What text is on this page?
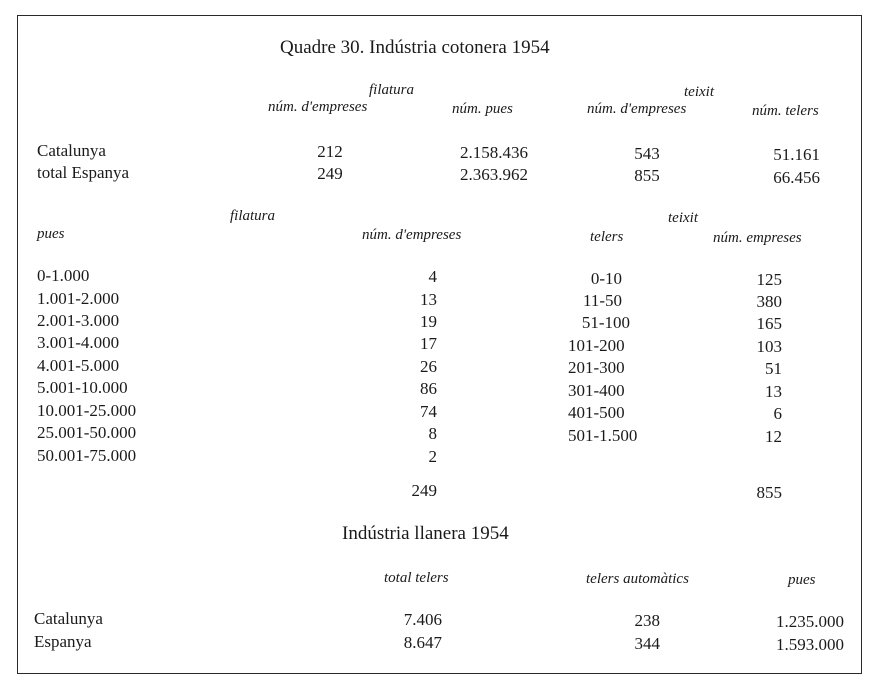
Quadre 30. Indústria cotonera 1954
filatura	teixit
núm. d'empreses	núm. pues	núm. d'empreses	núm. telers
Catalunya	212	2.158.436	543	51.161
total Espanya	249	2.363.962	855	66.456
filatura	teixit
pues	núm. d'empreses	telers	núm. empreses
0-1.000	4
1.001-2.000	13
2.001-3.000	19
3.001-4.000	17
4.001-5.000	26
5.001-10.000	86
10.001-25.000	74
25.001-50.000	8
50.001-75.000	2
0-10	125
11-50	380
51-100	165
101-200	103
201-300	51
301-400	13
401-500	6
501-1.500	12
249	855
Indústria llanera 1954
total telers	telers automàtics	pues
Catalunya	7.406	238	1.235.000
Espanya	8.647	344	1.593.000
